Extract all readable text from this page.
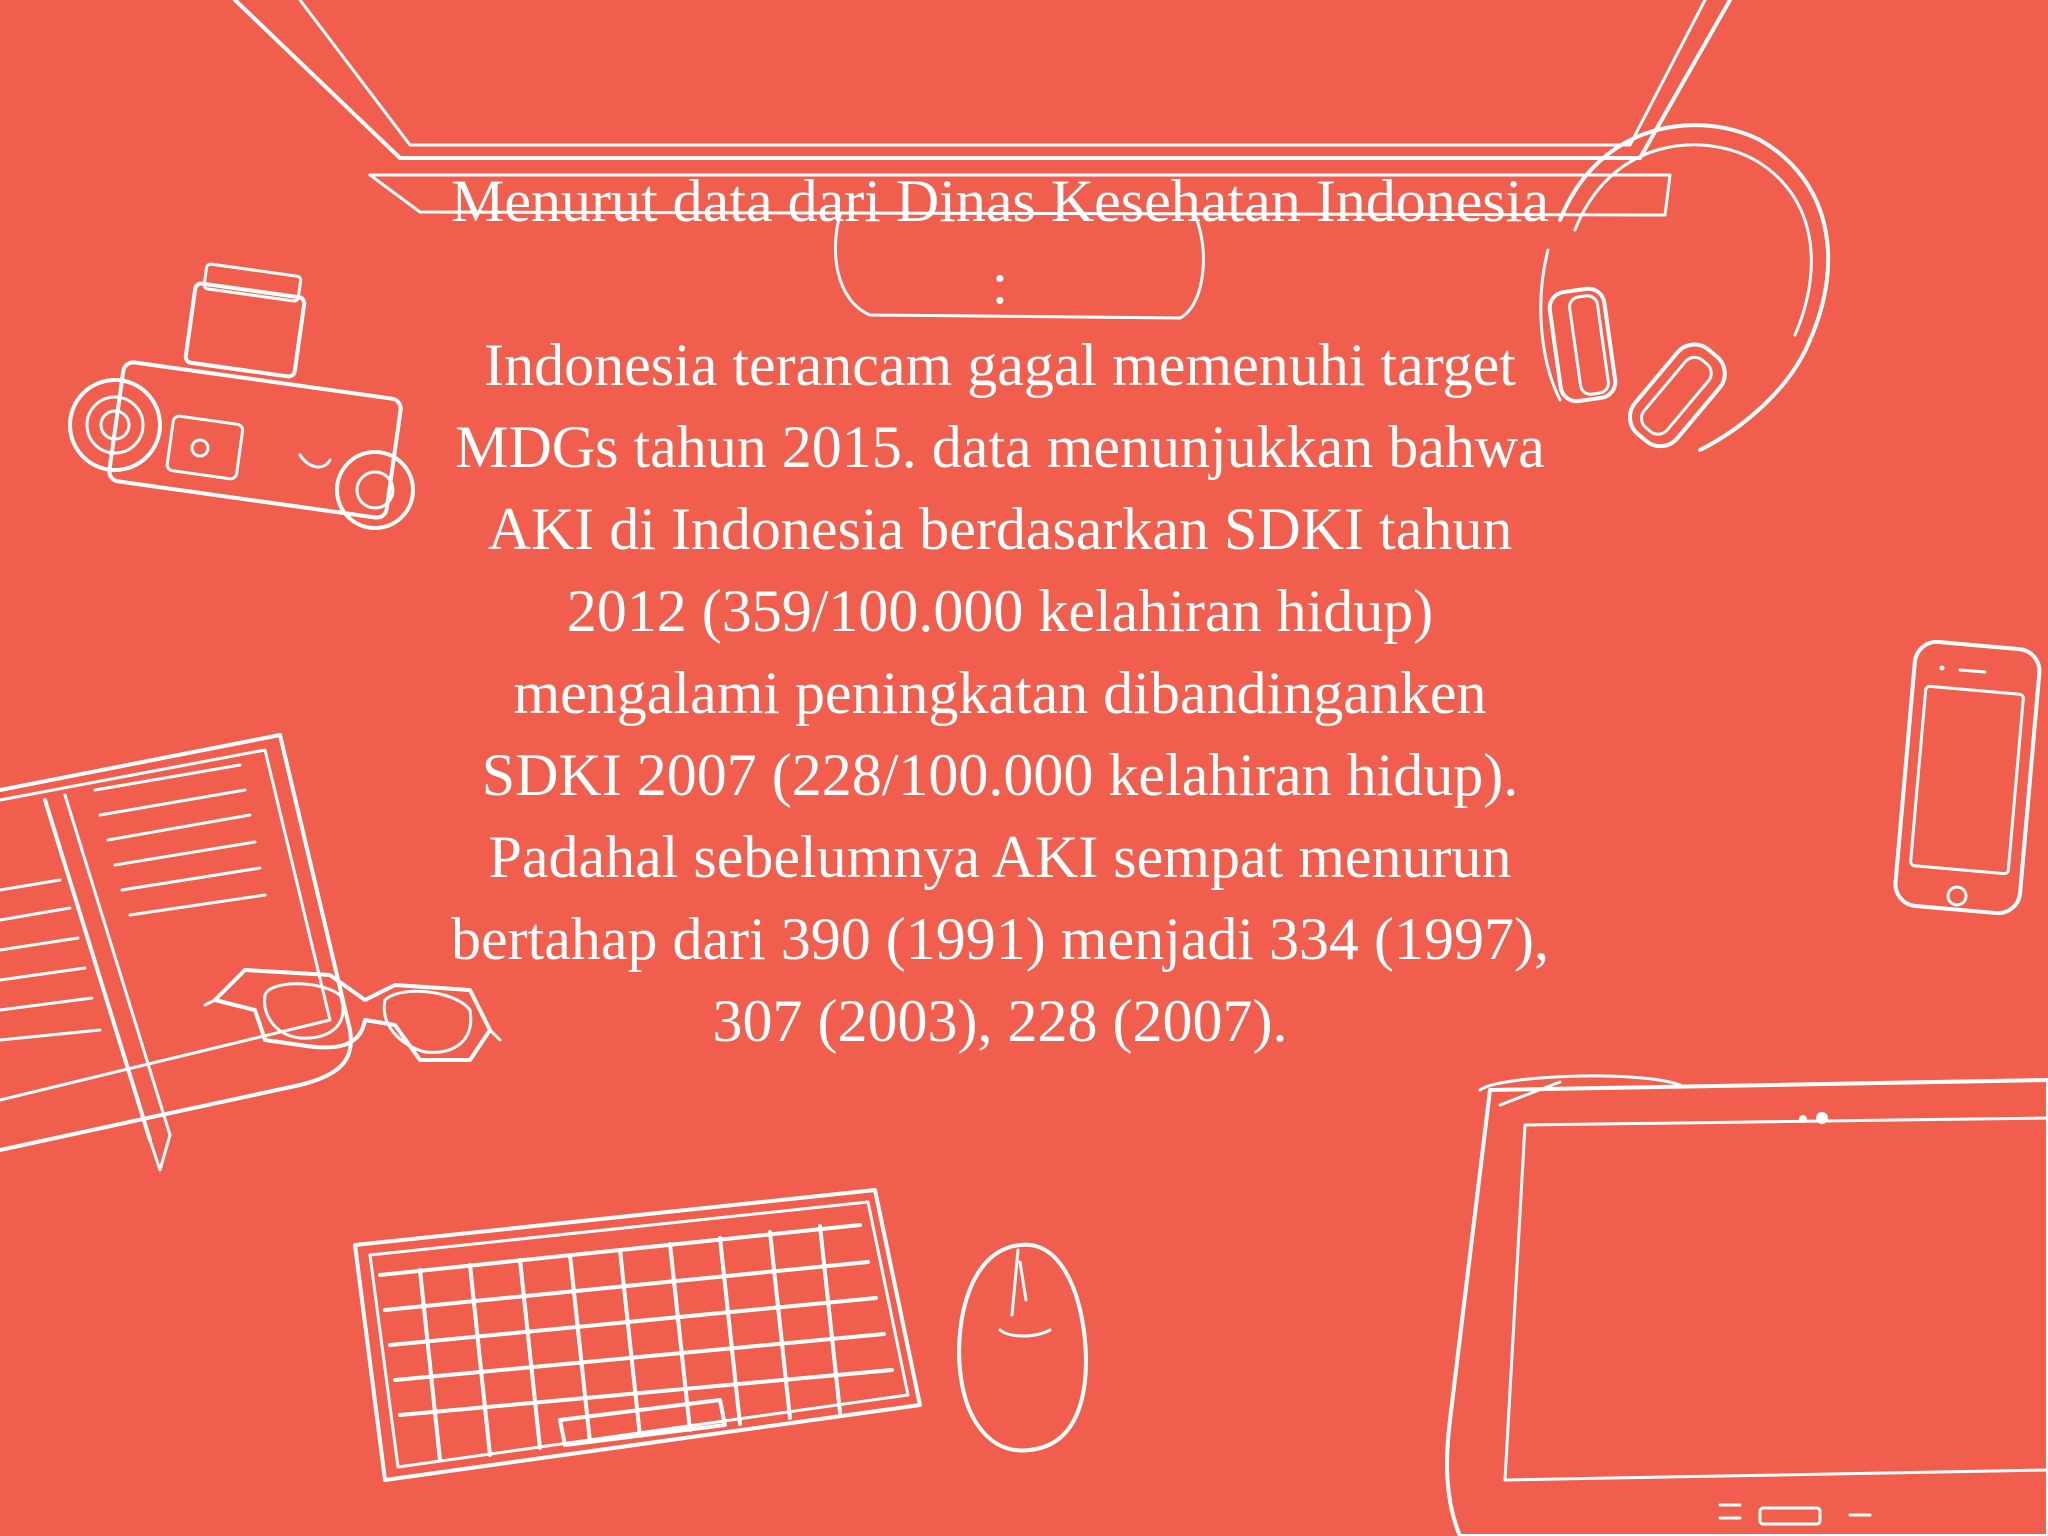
Menurut data dari Dinas Kesehatan Indonesia :

Indonesia terancam gagal memenuhi target MDGs tahun 2015. data menunjukkan bahwa AKI di Indonesia berdasarkan SDKI tahun 2012 (359/100.000 kelahiran hidup) mengalami peningkatan dibandinganken SDKI 2007 (228/100.000 kelahiran hidup). Padahal sebelumnya AKI sempat menurun bertahap dari 390 (1991) menjadi 334 (1997), 307 (2003), 228 (2007).
